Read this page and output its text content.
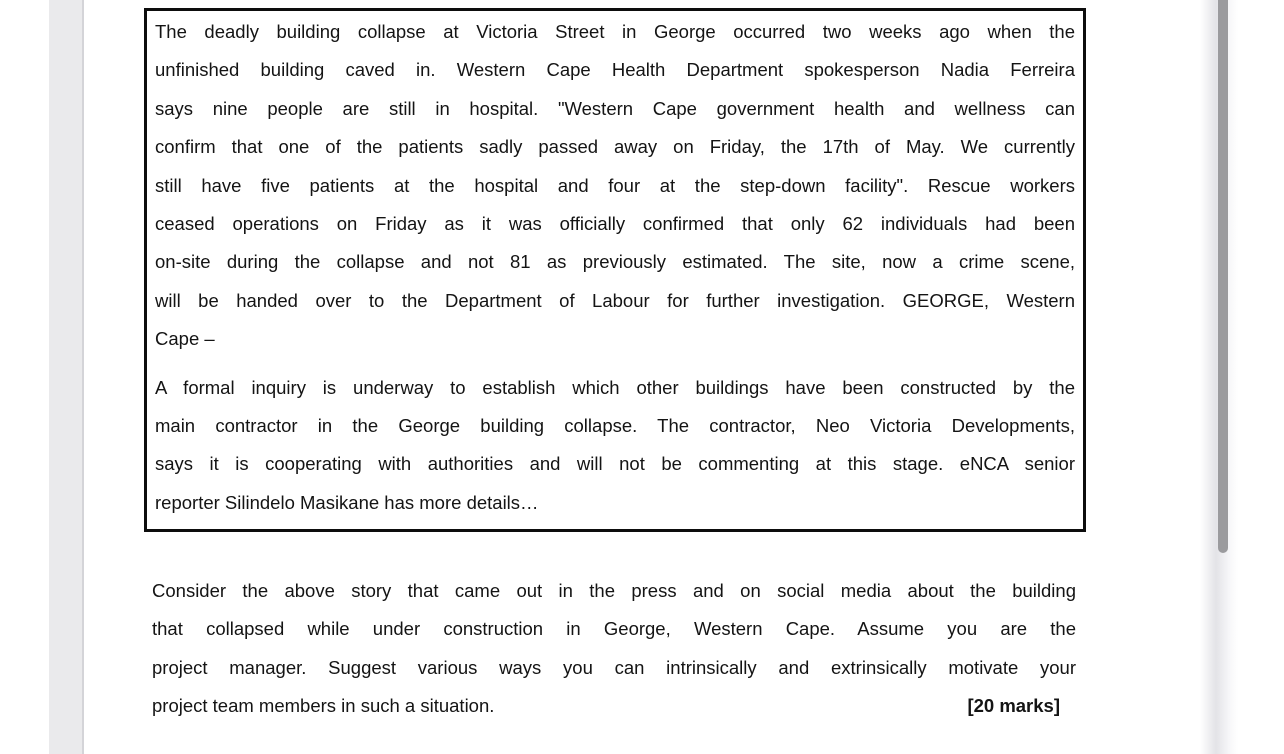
The deadly building collapse at Victoria Street in George occurred two weeks ago when the
unfinished building caved in. Western Cape Health Department spokesperson Nadia Ferreira
says nine people are still in hospital. "Western Cape government health and wellness can
confirm that one of the patients sadly passed away on Friday, the 17th of May. We currently
still have five patients at the hospital and four at the step-down facility". Rescue workers
ceased operations on Friday as it was officially confirmed that only 62 individuals had been
on-site during the collapse and not 81 as previously estimated. The site, now a crime scene,
will be handed over to the Department of Labour for further investigation. GEORGE, Western
Cape –
A formal inquiry is underway to establish which other buildings have been constructed by the
main contractor in the George building collapse. The contractor, Neo Victoria Developments,
says it is cooperating with authorities and will not be commenting at this stage. eNCA senior
reporter Silindelo Masikane has more details…
Consider the above story that came out in the press and on social media about the building
that collapsed while under construction in George, Western Cape. Assume you are the
project manager. Suggest various ways you can intrinsically and extrinsically motivate your
project team members in such a situation.	[20 marks]
